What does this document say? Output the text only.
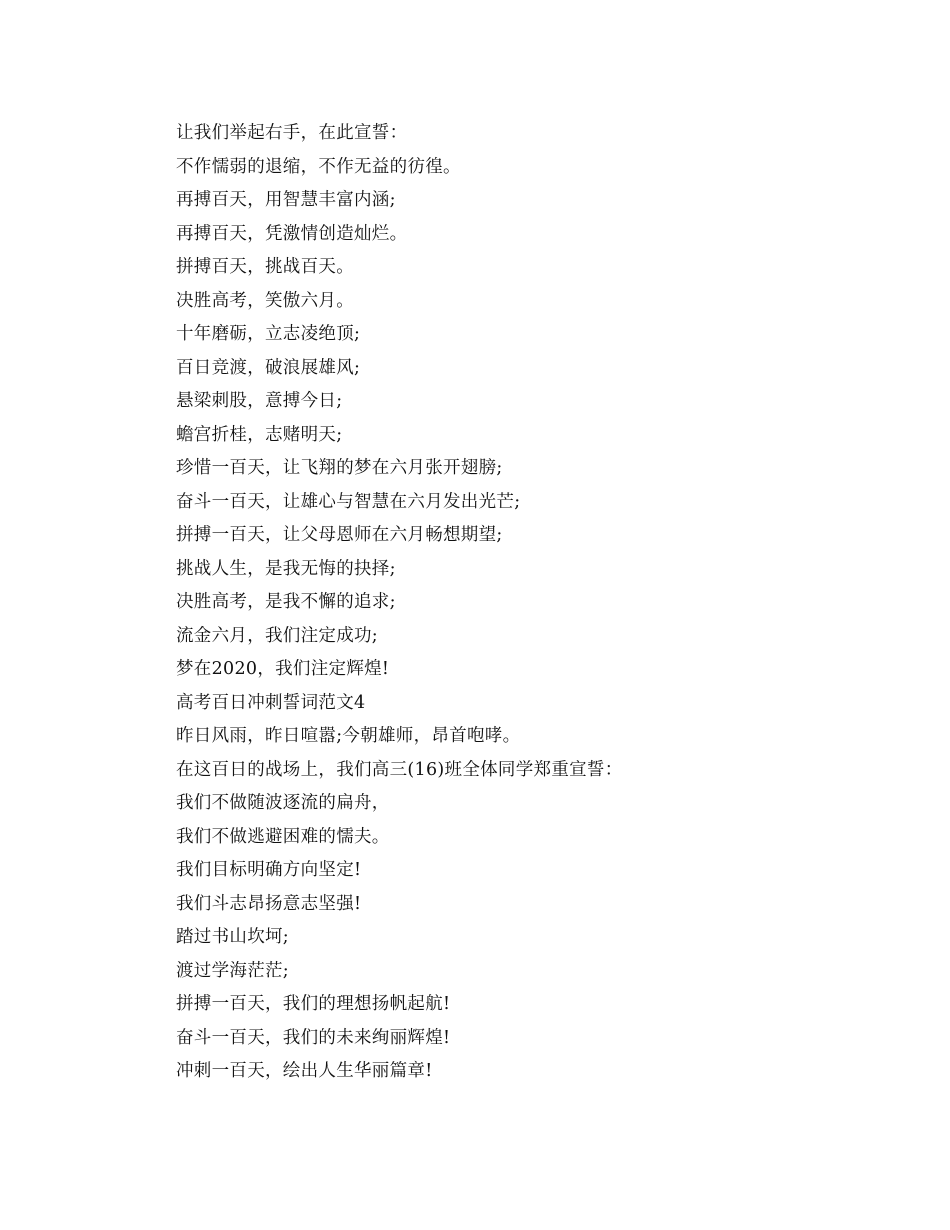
让我们举起右手，在此宣誓：
不作懦弱的退缩，不作无益的彷徨。
再搏百天，用智慧丰富内涵;
再搏百天，凭激情创造灿烂。
拼搏百天，挑战百天。
决胜高考，笑傲六月。
十年磨砺，立志凌绝顶;
百日竞渡，破浪展雄风;
悬梁刺股，意搏今日;
蟾宫折桂，志赌明天;
珍惜一百天，让飞翔的梦在六月张开翅膀;
奋斗一百天，让雄心与智慧在六月发出光芒;
拼搏一百天，让父母恩师在六月畅想期望;
挑战人生，是我无悔的抉择;
决胜高考，是我不懈的追求;
流金六月，我们注定成功;
梦在2020，我们注定辉煌!
高考百日冲刺誓词范文4
昨日风雨，昨日喧嚣;今朝雄师，昂首咆哮。
在这百日的战场上，我们高三(16)班全体同学郑重宣誓：
我们不做随波逐流的扁舟，
我们不做逃避困难的懦夫。
我们目标明确方向坚定!
我们斗志昂扬意志坚强!
踏过书山坎坷;
渡过学海茫茫;
拼搏一百天，我们的理想扬帆起航!
奋斗一百天，我们的未来绚丽辉煌!
冲刺一百天，绘出人生华丽篇章!
